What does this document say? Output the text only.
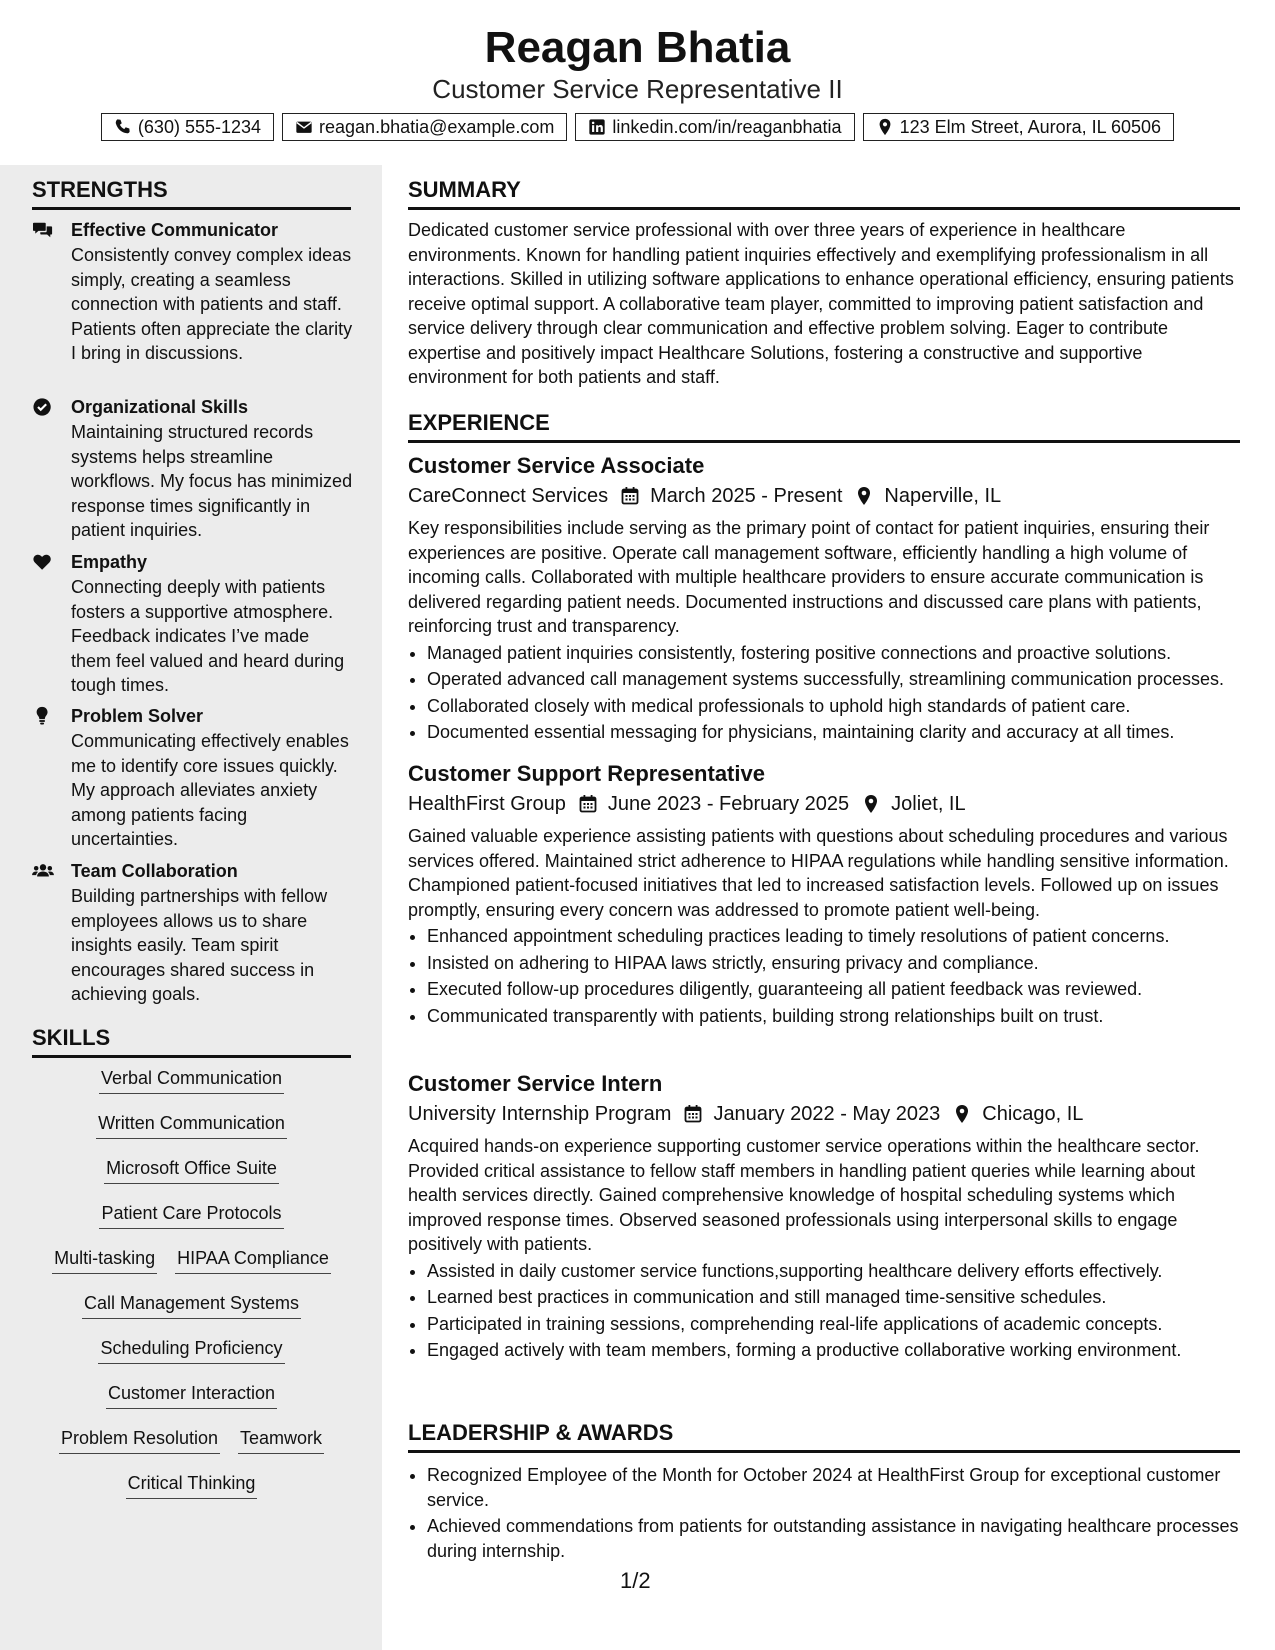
Reagan Bhatia
Customer Service Representative II
(630) 555-1234	reagan.bhatia@example.com	linkedin.com/in/reaganbhatia	123 Elm Street, Aurora, IL 60506
STRENGTHS
Effective Communicator
Consistently convey complex ideas simply, creating a seamless connection with patients and staff. Patients often appreciate the clarity I bring in discussions.
Organizational Skills
Maintaining structured records systems helps streamline workflows. My focus has minimized response times significantly in patient inquiries.
Empathy
Connecting deeply with patients fosters a supportive atmosphere. Feedback indicates I’ve made them feel valued and heard during tough times.
Problem Solver
Communicating effectively enables me to identify core issues quickly. My approach alleviates anxiety among patients facing uncertainties.
Team Collaboration
Building partnerships with fellow employees allows us to share insights easily. Team spirit encourages shared success in achieving goals.
SKILLS
Verbal Communication
Written Communication
Microsoft Office Suite
Patient Care Protocols
Multi-tasking HIPAA Compliance
Call Management Systems
Scheduling Proficiency
Customer Interaction
Problem Resolution Teamwork
Critical Thinking
SUMMARY

Dedicated customer service professional with over three years of experience in healthcare environments. Known for handling patient inquiries effectively and exemplifying professionalism in all interactions. Skilled in utilizing software applications to enhance operational efficiency, ensuring patients receive optimal support. A collaborative team player, committed to improving patient satisfaction and service delivery through clear communication and effective problem solving. Eager to contribute expertise and positively impact Healthcare Solutions, fostering a constructive and supportive environment for both patients and staff.

EXPERIENCE
Customer Service Associate
CareConnect Services March 2025 - Present Naperville, IL

Key responsibilities include serving as the primary point of contact for patient inquiries, ensuring their experiences are positive. Operate call management software, efficiently handling a high volume of incoming calls. Collaborated with multiple healthcare providers to ensure accurate communication is delivered regarding patient needs. Documented instructions and discussed care plans with patients, reinforcing trust and transparency.

• Managed patient inquiries consistently, fostering positive connections and proactive solutions.
• Operated advanced call management systems successfully, streamlining communication processes.
• Collaborated closely with medical professionals to uphold high standards of patient care.
• Documented essential messaging for physicians, maintaining clarity and accuracy at all times.
Customer Support Representative
HealthFirst Group June 2023 - February 2025 Joliet, IL

Gained valuable experience assisting patients with questions about scheduling procedures and various services offered. Maintained strict adherence to HIPAA regulations while handling sensitive information. Championed patient-focused initiatives that led to increased satisfaction levels. Followed up on issues promptly, ensuring every concern was addressed to promote patient well-being.

• Enhanced appointment scheduling practices leading to timely resolutions of patient concerns.
• Insisted on adhering to HIPAA laws strictly, ensuring privacy and compliance.
• Executed follow-up procedures diligently, guaranteeing all patient feedback was reviewed.
• Communicated transparently with patients, building strong relationships built on trust.
Customer Service Intern
University Internship Program January 2022 - May 2023 Chicago, IL

Acquired hands-on experience supporting customer service operations within the healthcare sector. Provided critical assistance to fellow staff members in handling patient queries while learning about health services directly. Gained comprehensive knowledge of hospital scheduling systems which improved response times. Observed seasoned professionals using interpersonal skills to engage positively with patients.

• Assisted in daily customer service functions,supporting healthcare delivery efforts effectively.
• Learned best practices in communication and still managed time-sensitive schedules.
• Participated in training sessions, comprehending real-life applications of academic concepts.
• Engaged actively with team members, forming a productive collaborative working environment.
LEADERSHIP & AWARDS
• Recognized Employee of the Month for October 2024 at HealthFirst Group for exceptional customer service.
• Achieved commendations from patients for outstanding assistance in navigating healthcare processes during internship.
1/2
